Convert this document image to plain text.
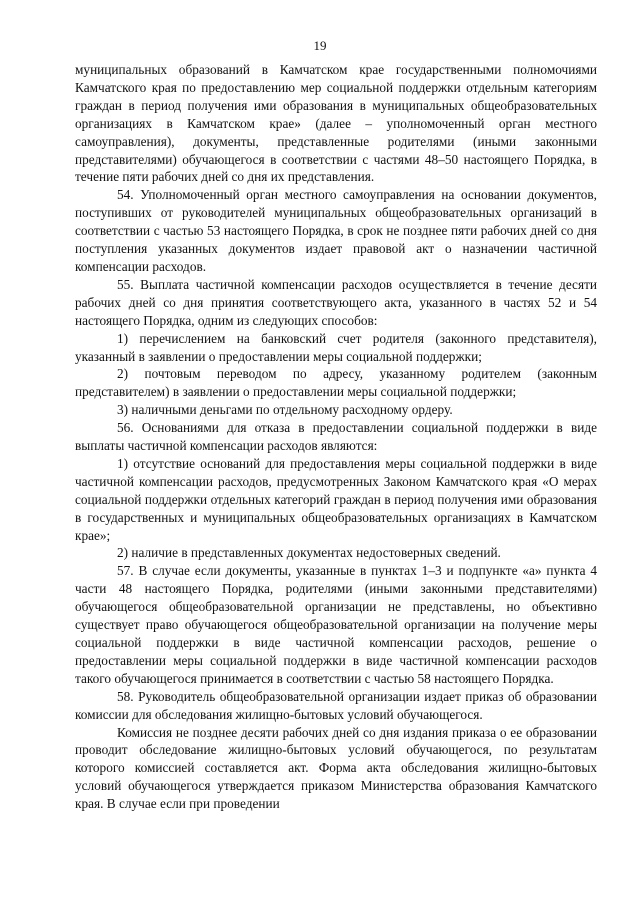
19

муниципальных образований в Камчатском крае государственными полномочиями Камчатского края по предоставлению мер социальной поддержки отдельным категориям граждан в период получения ими образования в муниципальных общеобразовательных организациях в Камчатском крае» (далее – уполномоченный орган местного самоуправления), документы, представленные родителями (иными законными представителями) обучающегося в соответствии с частями 48–50 настоящего Порядка, в течение пяти рабочих дней со дня их представления.

54. Уполномоченный орган местного самоуправления на основании документов, поступивших от руководителей муниципальных общеобразовательных организаций в соответствии с частью 53 настоящего Порядка, в срок не позднее пяти рабочих дней со дня поступления указанных документов издает правовой акт о назначении частичной компенсации расходов.

55. Выплата частичной компенсации расходов осуществляется в течение десяти рабочих дней со дня принятия соответствующего акта, указанного в частях 52 и 54 настоящего Порядка, одним из следующих способов:

1) перечислением на банковский счет родителя (законного представителя), указанный в заявлении о предоставлении меры социальной поддержки;

2) почтовым переводом по адресу, указанному родителем (законным представителем) в заявлении о предоставлении меры социальной поддержки;

3) наличными деньгами по отдельному расходному ордеру.

56. Основаниями для отказа в предоставлении социальной поддержки в виде выплаты частичной компенсации расходов являются:

1) отсутствие оснований для предоставления меры социальной поддержки в виде частичной компенсации расходов, предусмотренных Законом Камчатского края «О мерах социальной поддержки отдельных категорий граждан в период получения ими образования в государственных и муниципальных общеобразовательных организациях в Камчатском крае»;

2) наличие в представленных документах недостоверных сведений.

57. В случае если документы, указанные в пунктах 1–3 и подпункте «а» пункта 4 части 48 настоящего Порядка, родителями (иными законными представителями) обучающегося общеобразовательной организации не представлены, но объективно существует право обучающегося общеобразовательной организации на получение меры социальной поддержки в виде частичной компенсации расходов, решение о предоставлении меры социальной поддержки в виде частичной компенсации расходов такого обучающегося принимается в соответствии с частью 58 настоящего Порядка.

58. Руководитель общеобразовательной организации издает приказ об образовании комиссии для обследования жилищно-бытовых условий обучающегося.

Комиссия не позднее десяти рабочих дней со дня издания приказа о ее образовании проводит обследование жилищно-бытовых условий обучающегося, по результатам которого комиссией составляется акт. Форма акта обследования жилищно-бытовых условий обучающегося утверждается приказом Министерства образования Камчатского края. В случае если при проведении
